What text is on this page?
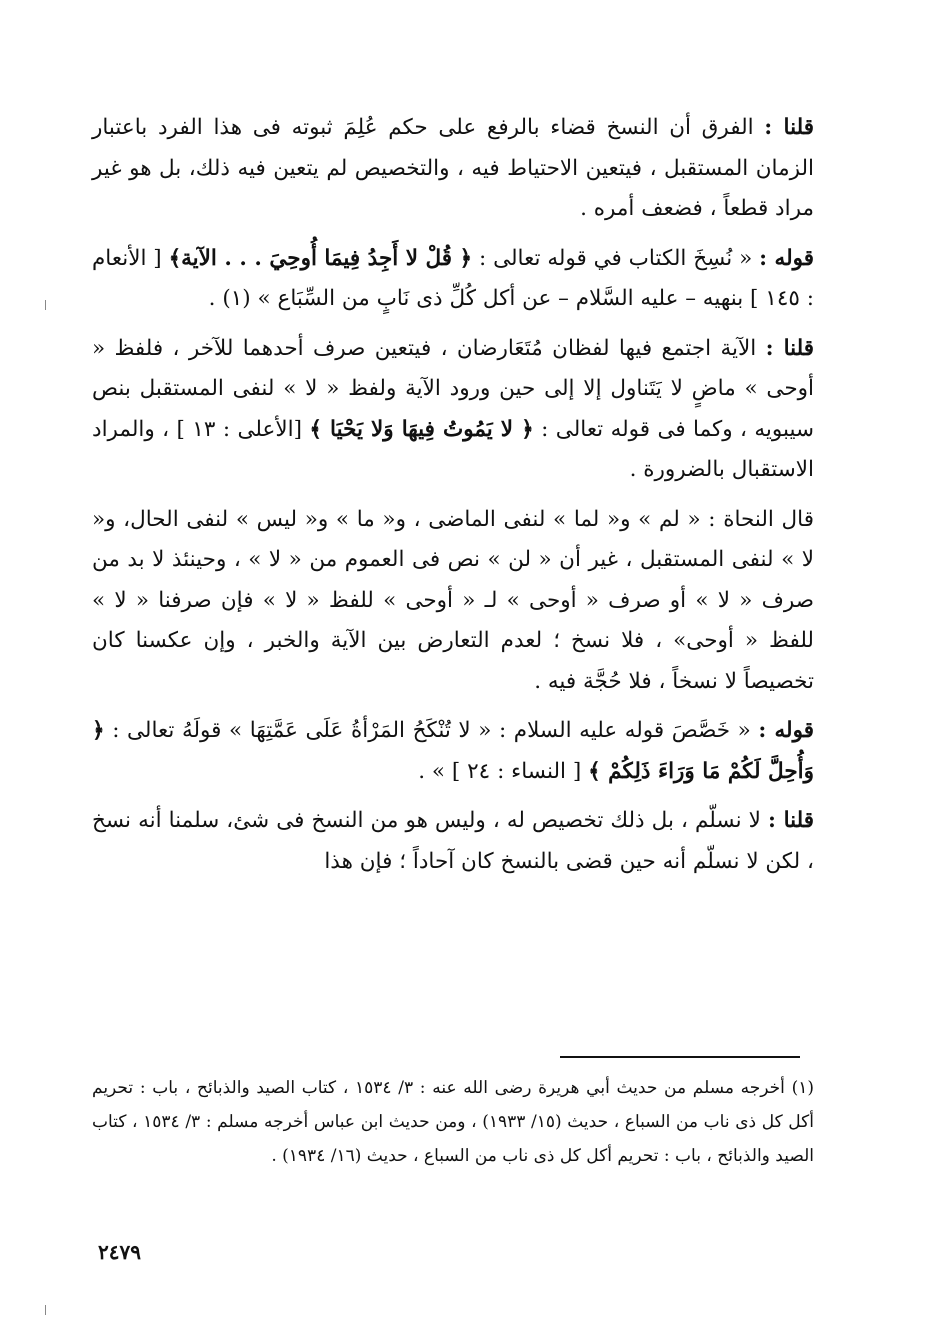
قلنا : الفرق أن النسخ قضاء بالرفع على حكم عُلِمَ ثبوته فى هذا الفرد باعتبار الزمان المستقبل ، فيتعين الاحتياط فيه ، والتخصيص لم يتعين فيه ذلك، بل هو غير مراد قطعاً ، فضعف أمره .

قوله : « نُسِخَ الكتاب في قوله تعالى : ﴿ قُلْ لا أَجِدُ فِيمَا أُوحِيَ . . . الآية﴾ [ الأنعام : ١٤٥ ] بنهيه – عليه السَّلام – عن أكل كُلِّ ذى نَابٍ من السِّبَاع » (١) .

قلنا : الآية اجتمع فيها لفظان مُتَعَارضان ، فيتعين صرف أحدهما للآخر ، فلفظ « أوحى » ماضٍ لا يَتَناول إلا إلى حين ورود الآية ولفظ « لا » لنفى المستقبل بنص سيبويه ، وكما فى قوله تعالى : ﴿ لا يَمُوتُ فِيهَا وَلا يَحْيَا ﴾ [الأعلى : ١٣ ] ، والمراد الاستقبال بالضرورة .

قال النحاة : « لم » و« لما » لنفى الماضى ، و« ما » و« ليس » لنفى الحال، و« لا » لنفى المستقبل ، غير أن « لن » نص فى العموم من « لا » ، وحينئذ لا بد من صرف « لا » أو صرف « أوحى » لـ « أوحى » للفظ « لا » فإن صرفنا « لا » للفظ « أوحى» ، فلا نسخ ؛ لعدم التعارض بين الآية والخبر ، وإن عكسنا كان تخصيصاً لا نسخاً ، فلا حُجَّة فيه .

قوله : « خَصَّصَ قوله عليه السلام : « لا تُنْكَحُ المَرْأةُ عَلَى عَمَّتِهَا » قولَهُ تعالى : ﴿ وَأُحِلَّ لَكُمْ مَا وَرَاءَ ذَلِكُمْ ﴾ [ النساء : ٢٤ ] » .

قلنا : لا نسلّم ، بل ذلك تخصيص له ، وليس هو من النسخ فى شئ، سلمنا أنه نسخ ، لكن لا نسلّم أنه حين قضى بالنسخ كان آحاداً ؛ فإن هذا

(١) أخرجه مسلم من حديث أبي هريرة رضى الله عنه : ٣/ ١٥٣٤ ، كتاب الصيد والذبائح ، باب : تحريم أكل كل ذى ناب من السباع ، حديث (١٥/ ١٩٣٣) ، ومن حديث ابن عباس أخرجه مسلم : ٣/ ١٥٣٤ ، كتاب الصيد والذبائح ، باب : تحريم أكل كل ذى ناب من السباع ، حديث (١٦/ ١٩٣٤) .
٢٤٧٩
